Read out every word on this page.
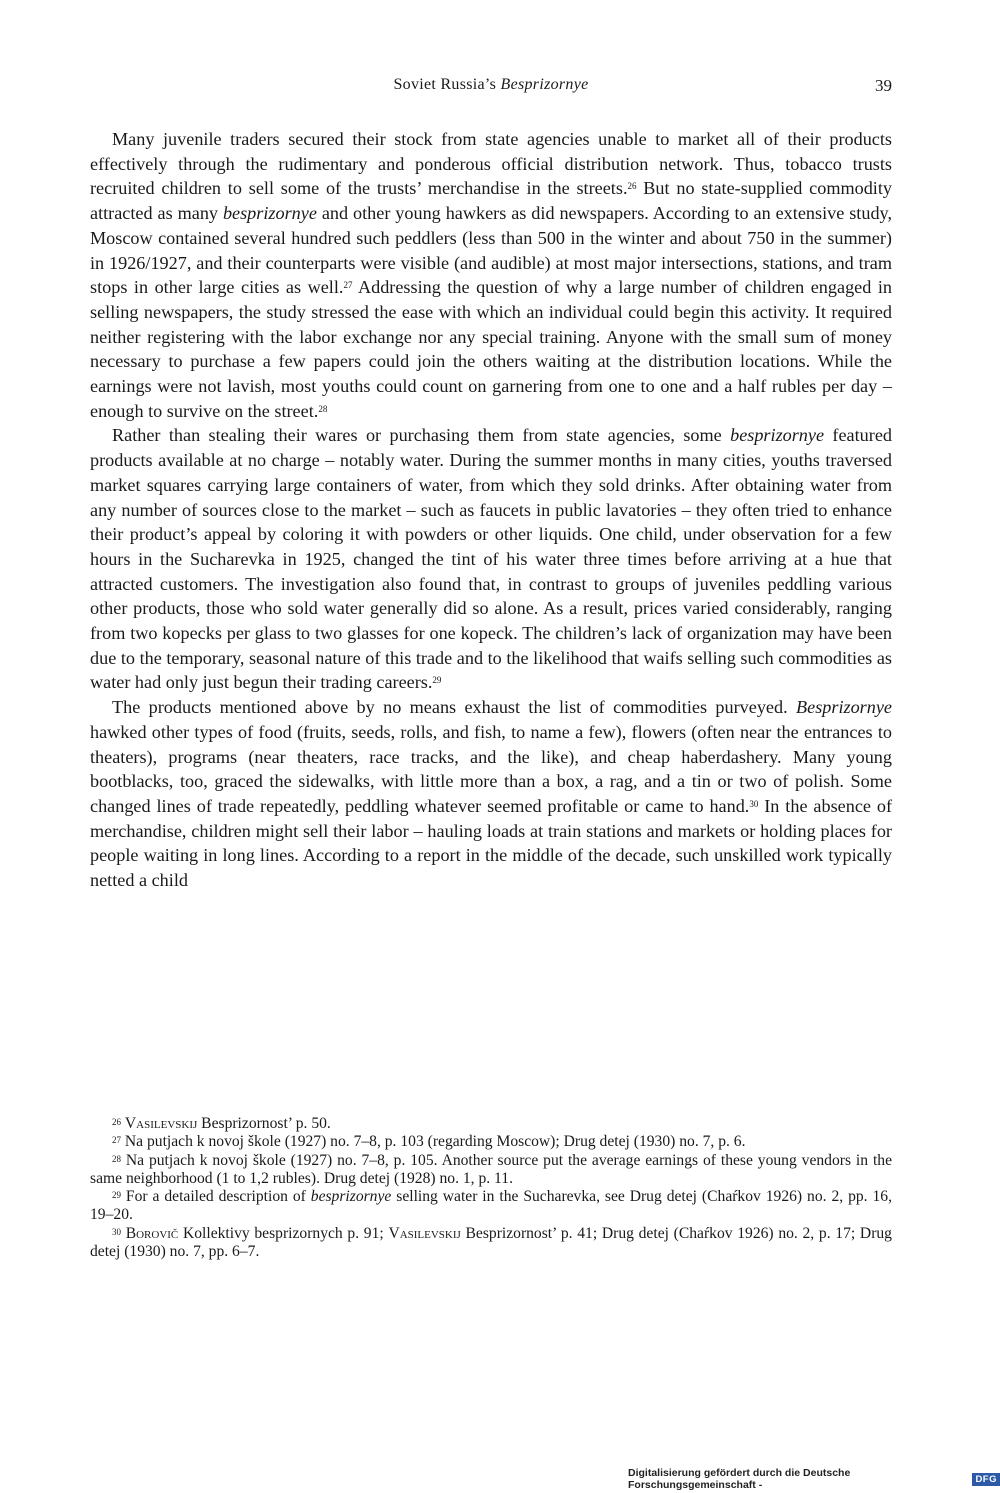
Soviet Russia’s Besprizornye	39

Many juvenile traders secured their stock from state agencies unable to market all of their products effectively through the rudimentary and ponderous official distribution network. Thus, tobacco trusts recruited children to sell some of the trusts’ merchandise in the streets.$^{26}$ But no state-supplied commodity attracted as many besprizornye and other young hawkers as did newspapers. According to an extensive study, Moscow contained several hundred such peddlers (less than 500 in the winter and about 750 in the summer) in 1926/1927, and their counterparts were visible (and audible) at most major intersections, stations, and tram stops in other large cities as well.$^{27}$ Addressing the question of why a large number of children engaged in selling newspapers, the study stressed the ease with which an individual could begin this activity. It required neither registering with the labor exchange nor any special training. Anyone with the small sum of money necessary to purchase a few papers could join the others waiting at the distribution locations. While the earnings were not lavish, most youths could count on garnering from one to one and a half rubles per day – enough to survive on the street.$^{28}$

Rather than stealing their wares or purchasing them from state agencies, some besprizornye featured products available at no charge – notably water. During the summer months in many cities, youths traversed market squares carrying large containers of water, from which they sold drinks. After obtaining water from any number of sources close to the market – such as faucets in public lavatories – they often tried to enhance their product’s appeal by coloring it with powders or other liquids. One child, under observation for a few hours in the Sucharevka in 1925, changed the tint of his water three times before arriving at a hue that attracted customers. The investigation also found that, in contrast to groups of juveniles peddling various other products, those who sold water generally did so alone. As a result, prices varied considerably, ranging from two kopecks per glass to two glasses for one kopeck. The children’s lack of organization may have been due to the temporary, seasonal nature of this trade and to the likelihood that waifs selling such commodities as water had only just begun their trading careers.$^{29}$

The products mentioned above by no means exhaust the list of commodities purveyed. Besprizornye hawked other types of food (fruits, seeds, rolls, and fish, to name a few), flowers (often near the entrances to theaters), programs (near theaters, race tracks, and the like), and cheap haberdashery. Many young bootblacks, too, graced the sidewalks, with little more than a box, a rag, and a tin or two of polish. Some changed lines of trade repeatedly, peddling whatever seemed profitable or came to hand.$^{30}$ In the absence of merchandise, children might sell their labor – hauling loads at train stations and markets or holding places for people waiting in long lines. According to a report in the middle of the decade, such unskilled work typically netted a child

$^{26}$ Vasilevskij Besprizornost’ p. 50.

$^{27}$ Na putjach k novoj škole (1927) no. 7–8, p. 103 (regarding Moscow); Drug detej (1930) no. 7, p. 6.

$^{28}$ Na putjach k novoj škole (1927) no. 7–8, p. 105. Another source put the average earnings of these young vendors in the same neighborhood (1 to 1,2 rubles). Drug detej (1928) no. 1, p. 11.

$^{29}$ For a detailed description of besprizornye selling water in the Sucharevka, see Drug detej (Chaŕkov 1926) no. 2, pp. 16, 19–20.

$^{30}$ Borovič Kollektivy besprizornych p. 91; Vasilevskij Besprizornost’ p. 41; Drug detej (Chaŕkov 1926) no. 2, p. 17; Drug detej (1930) no. 7, pp. 6–7.

Digitalisierung gefördert durch die Deutsche Forschungsgemeinschaft -	DFG
